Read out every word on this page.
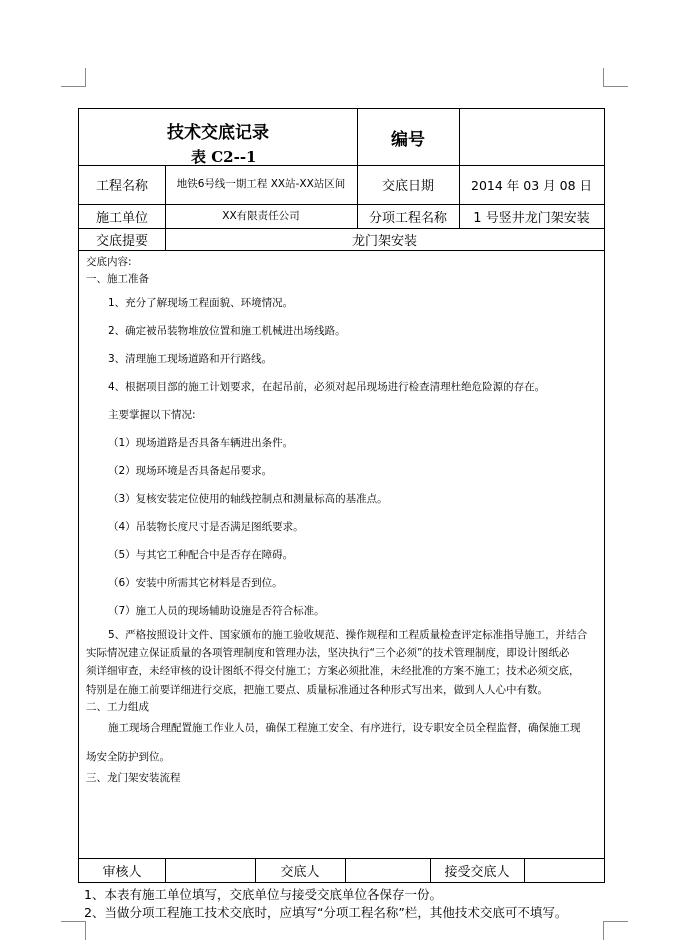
技术交底记录
表 C2--1
编号
工程名称	地铁6号线一期工程 XX站-XX站区间	交底日期	2014 年 03 月 08 日
施工单位	XX有限责任公司	分项工程名称	1 号竖井龙门架安装
交底提要	龙门架安装
交底内容:
一、施工准备
1、充分了解现场工程面貌、环境情况。
2、确定被吊装物堆放位置和施工机械进出场线路。
3、清理施工现场道路和开行路线。
4、根据项目部的施工计划要求，在起吊前，必须对起吊现场进行检查清理杜绝危险源的存在。
主要掌握以下情况:
（1）现场道路是否具备车辆进出条件。
（2）现场环境是否具备起吊要求。
（3）复核安装定位使用的轴线控制点和测量标高的基准点。
（4）吊装物长度尺寸是否满足图纸要求。
（5）与其它工种配合中是否存在障碍。
（6）安装中所需其它材料是否到位。
（7）施工人员的现场辅助设施是否符合标准。
5、严格按照设计文件、国家颁布的施工验收规范、操作规程和工程质量检查评定标准指导施工，并结合
实际情况建立保证质量的各项管理制度和管理办法，坚决执行“三个必须”的技术管理制度，即设计图纸必
须详细审查，未经审核的设计图纸不得交付施工；方案必须批准，未经批准的方案不施工；技术必须交底，
特别是在施工前要详细进行交底，把施工要点、质量标准通过各种形式写出来，做到人人心中有数。
二、工力组成
施工现场合理配置施工作业人员，确保工程施工安全、有序进行，设专职安全员全程监督，确保施工现
场安全防护到位。
三、龙门架安装流程
审核人	交底人	接受交底人
1、本表有施工单位填写，交底单位与接受交底单位各保存一份。
2、当做分项工程施工技术交底时，应填写“分项工程名称”栏，其他技术交底可不填写。
